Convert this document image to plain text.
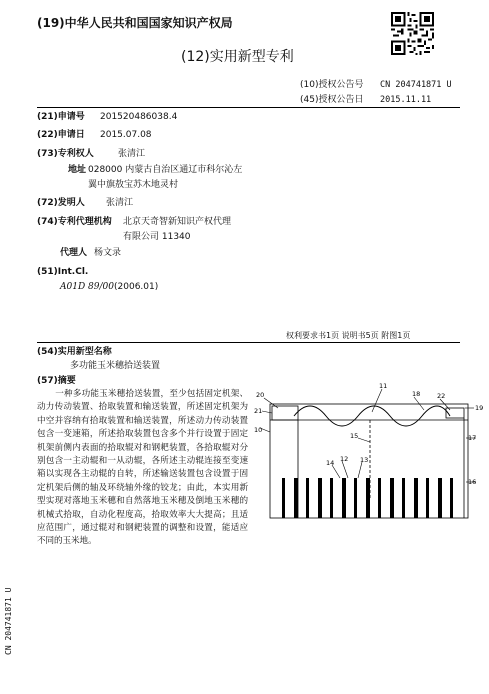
(19)中华人民共和国国家知识产权局
(12)实用新型专利
(10)授权公告号 CN 204741871 U
(45)授权公告日 2015.11.11
(21)申请号 201520486038.4
(22)申请日 2015.07.08
(73)专利权人	张清江
地址 028000 内蒙古自治区通辽市科尔沁左
翼中旗敖宝苏木地灵村
(72)发明人 张清江
(74)专利代理机构 北京天奇智新知识产权代理
有限公司 11340
代理人 杨文录
(51)Int.Cl.
A01D 89/00 (2006.01)
权利要求书1页 说明书5页 附图1页
(54)实用新型名称
多功能玉米穗拾送装置
(57)摘要
一种多功能玉米穗拾送装置，至少包括固定机架、动力传动装置、拾取装置和输送装置，所述固定机架为中空并容纳有拾取装置和输送装置，所述动力传动装置包含一变速箱，所述拾取装置包含多个并行设置于固定机架前侧内表面的拾取辊对和钢耙装置，各拾取辊对分别包含一主动辊和一从动辊，各所述主动辊连接至变速箱以实现各主动辊的自转，所述输送装置包含设置于固定机架后侧的轴及环绕轴外缘的铰龙；由此，本实用新型实现对落地玉米穗和自然落地玉米穗及倒地玉米穗的机械式拾取，自动化程度高，拾取效率大大提高；且适应范围广，通过辊对和钢耙装置的调整和设置，能适应不同的玉米地。
20
11
18	22
19
21
10
15	17
14 12 13
16
CN 204741871 U
